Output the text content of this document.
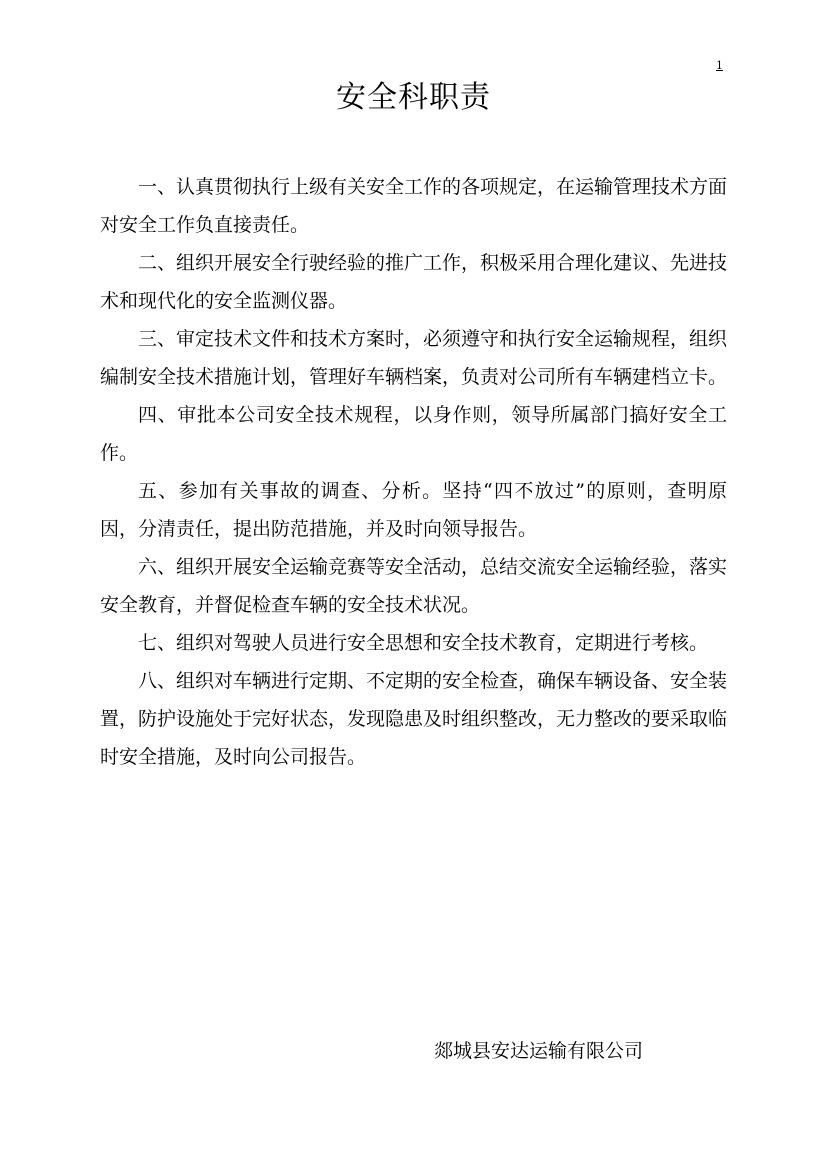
1
安全科职责

一、认真贯彻执行上级有关安全工作的各项规定，在运输管理技术方面对安全工作负直接责任。

二、组织开展安全行驶经验的推广工作，积极采用合理化建议、先进技术和现代化的安全监测仪器。

三、审定技术文件和技术方案时，必须遵守和执行安全运输规程，组织编制安全技术措施计划，管理好车辆档案，负责对公司所有车辆建档立卡。

四、审批本公司安全技术规程，以身作则，领导所属部门搞好安全工作。

五、参加有关事故的调查、分析。坚持“四不放过”的原则，查明原因，分清责任，提出防范措施，并及时向领导报告。

六、组织开展安全运输竞赛等安全活动，总结交流安全运输经验，落实安全教育，并督促检查车辆的安全技术状况。

七、组织对驾驶人员进行安全思想和安全技术教育，定期进行考核。

八、组织对车辆进行定期、不定期的安全检查，确保车辆设备、安全装置，防护设施处于完好状态，发现隐患及时组织整改，无力整改的要采取临时安全措施，及时向公司报告。

郯城县安达运输有限公司
